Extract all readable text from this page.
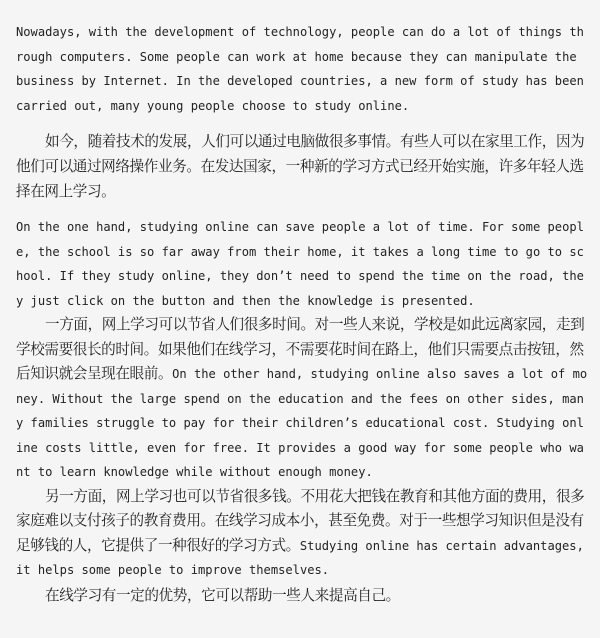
Nowadays, with the development of technology, people can do a lot of things through computers. Some people can work at home because they can manipulate the business by Internet. In the developed countries, a new form of study has been carried out, many young people choose to study online.

如今，随着技术的发展，人们可以通过电脑做很多事情。有些人可以在家里工作，因为他们可以通过网络操作业务。在发达国家，一种新的学习方式已经开始实施，许多年轻人选择在网上学习。

On the one hand, studying online can save people a lot of time. For some people, the school is so far away from their home, it takes a long time to go to school. If they study online, they don’t need to spend the time on the road, they just click on the button and then the knowledge is presented.

一方面，网上学习可以节省人们很多时间。对一些人来说，学校是如此远离家园，走到学校需要很长的时间。如果他们在线学习，不需要花时间在路上，他们只需要点击按钮，然后知识就会呈现在眼前。On the other hand, studying online also saves a lot of money. Without the large spend on the education and the fees on other sides, many families struggle to pay for their children’s educational cost. Studying online costs little, even for free. It provides a good way for some people who want to learn knowledge while without enough money.

另一方面，网上学习也可以节省很多钱。不用花大把钱在教育和其他方面的费用，很多家庭难以支付孩子的教育费用。在线学习成本小，甚至免费。对于一些想学习知识但是没有足够钱的人，它提供了一种很好的学习方式。Studying online has certain advantages, it helps some people to improve themselves.

在线学习有一定的优势，它可以帮助一些人来提高自己。
